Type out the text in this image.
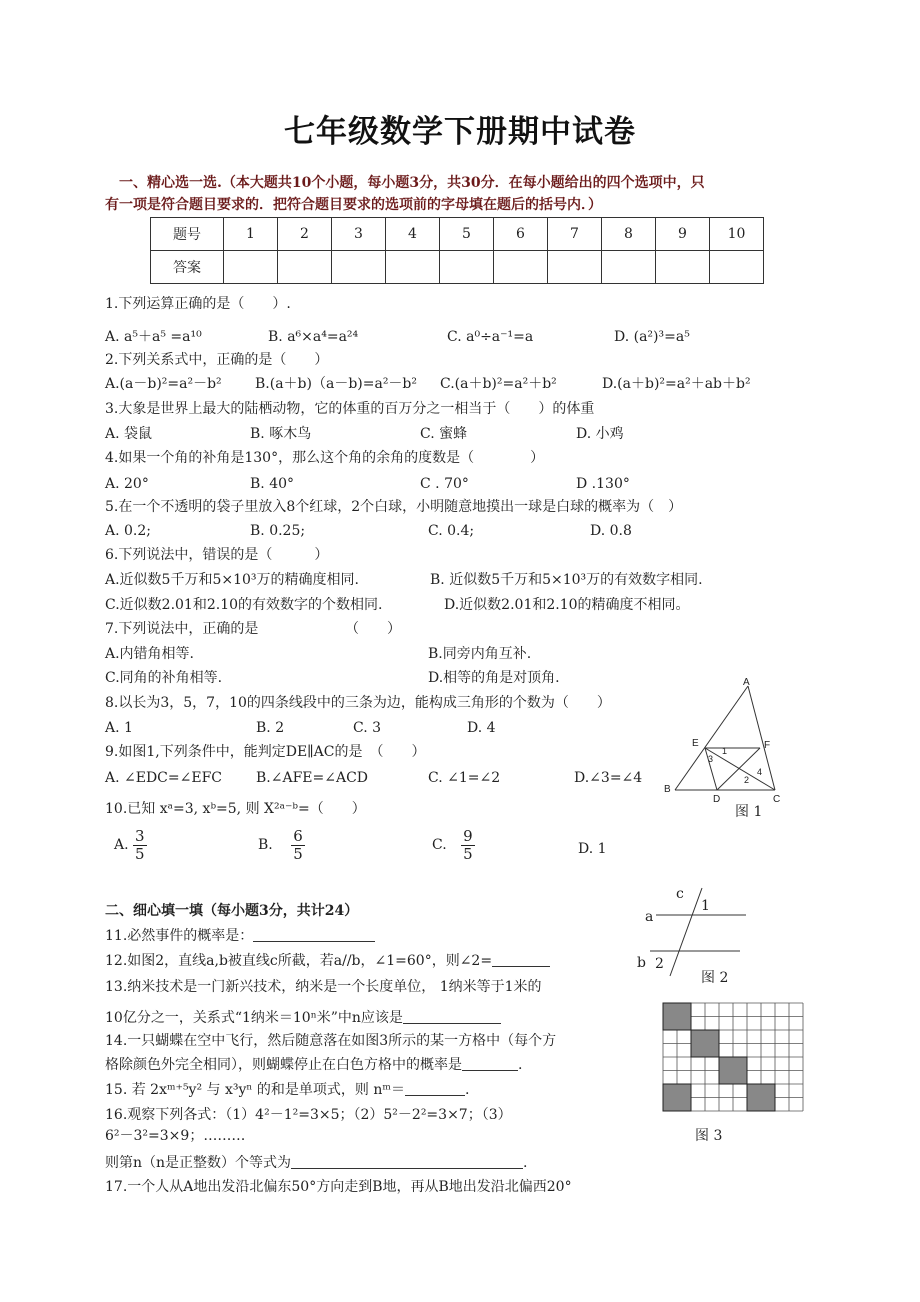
七年级数学下册期中试卷
一、精心选一选.（本大题共10个小题，每小题3分，共30分．在每小题给出的四个选项中，只
有一项是符合题目要求的．把符合题目要求的选项前的字母填在题后的括号内．）
题号	1	2	3	4	5	6	7	8	9	10
答案										
1.下列运算正确的是（　　）.
A. a⁵＋a⁵ =a¹⁰	B. a⁶×a⁴=a²⁴	C. a⁰÷a⁻¹=a	D. (a²)³=a⁵
2.下列关系式中，正确的是（　　）
A.(a－b)²=a²－b² B.(a＋b)（a－b)=a²－b² C.(a＋b)²=a²＋b²	D.(a＋b)²=a²＋ab＋b²
3.大象是世界上最大的陆栖动物，它的体重的百万分之一相当于（　　）的体重
A. 袋鼠	B. 啄木鸟	C. 蜜蜂	D. 小鸡
4.如果一个角的补角是130°，那么这个角的余角的度数是（　　　　）
A. 20°	B. 40°	C . 70°	D .130°
5.在一个不透明的袋子里放入8个红球，2个白球，小明随意地摸出一球是白球的概率为（　）
A. 0.2;	B. 0.25;	C. 0.4;	D. 0.8
6.下列说法中，错误的是（　　　）
A.近似数5千万和5×10³万的精确度相同.	B. 近似数5千万和5×10³万的有效数字相同.
C.近似数2.01和2.10的有效数字的个数相同.	D.近似数2.01和2.10的精确度不相同。
7.下列说法中，正确的是	（　　）
A.内错角相等.	B.同旁内角互补.
C.同角的补角相等.	D.相等的角是对顶角.
8.以长为3，5，7，10的四条线段中的三条为边，能构成三角形的个数为（　　）
A. 1	B. 2	C. 3	D. 4
9.如图1,下列条件中，能判定DE∥AC的是　（　　）
A. ∠EDC=∠EFC B.∠AFE=∠ACD	C. ∠1=∠2	D.∠3=∠4
10.已知 xᵃ=3, xᵇ=5, 则 X²ᵃ⁻ᵇ=（　　）
A. $\frac{3}{5}$	B. $\frac{6}{5}$	C. $\frac{9}{5}$	D. 1
A
E	F
B
D	C
1
2
3
4
图 1
二、细心填一填（每小题3分，共计24）
11.必然事件的概率是：
12.如图2，直线a,b被直线c所截，若a//b，∠1=60°，则∠2=
13.纳米技术是一门新兴技术，纳米是一个长度单位， 1纳米等于1米的
10亿分之一，关系式“1纳米＝10ⁿ米”中n应该是
14.一只蝴蝶在空中飞行，然后随意落在如图3所示的某一方格中（每个方
格除颜色外完全相同），则蝴蝶停止在白色方格中的概率是	.
15. 若 2xᵐ⁺⁵y² 与 x³yⁿ 的和是单项式，则 nᵐ＝	.
16.观察下列各式：（1）4²－1²=3×5；（2）5²－2²=3×7；（3）
6²－3²=3×9；………
则第n（n是正整数）个等式为	.
17.一个人从A地出发沿北偏东50°方向走到B地，再从B地出发沿北偏西20°
c
1
a
b 2
图 2
图 3
